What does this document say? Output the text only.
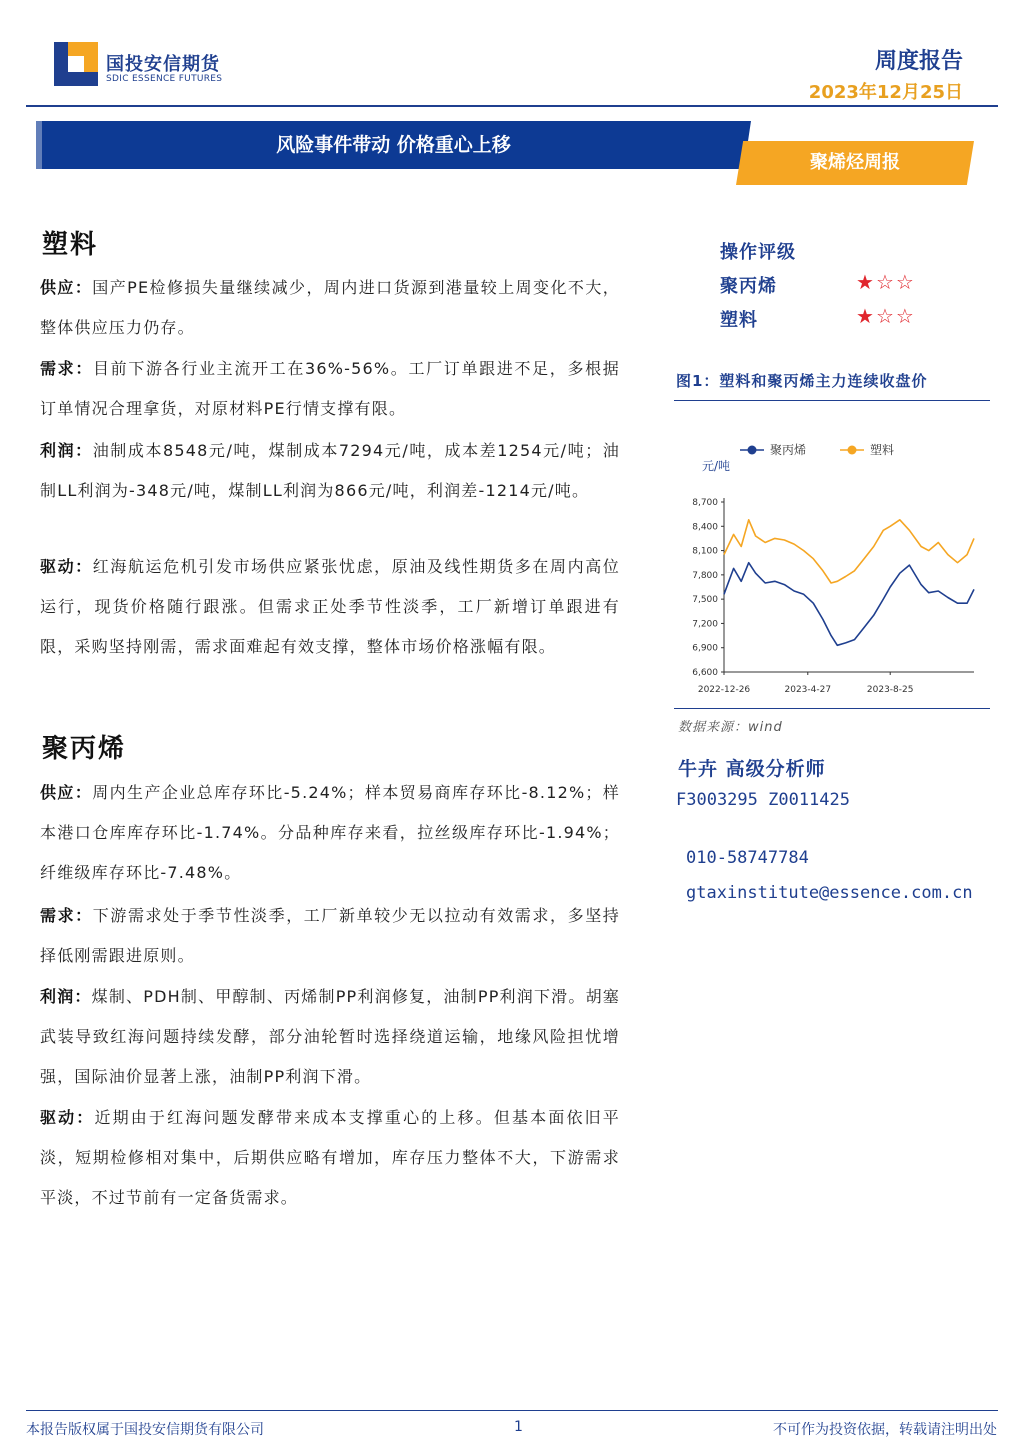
国投安信期货
SDIC ESSENCE FUTURES
周度报告
2023年12月25日
风险事件带动 价格重心上移
聚烯烃周报
塑料
供应：国产PE检修损失量继续减少，周内进口货源到港量较上周变化不大，整体供应压力仍存。
需求：目前下游各行业主流开工在36%-56%。工厂订单跟进不足，多根据订单情况合理拿货，对原材料PE行情支撑有限。
利润：油制成本8548元/吨，煤制成本7294元/吨，成本差1254元/吨；油制LL利润为-348元/吨，煤制LL利润为866元/吨，利润差-1214元/吨。
驱动：红海航运危机引发市场供应紧张忧虑，原油及线性期货多在周内高位运行，现货价格随行跟涨。但需求正处季节性淡季，工厂新增订单跟进有限，采购坚持刚需，需求面难起有效支撑，整体市场价格涨幅有限。
聚丙烯
供应：周内生产企业总库存环比-5.24%；样本贸易商库存环比-8.12%；样本港口仓库库存环比-1.74%。分品种库存来看，拉丝级库存环比-1.94%；纤维级库存环比-7.48%。
需求：下游需求处于季节性淡季，工厂新单较少无以拉动有效需求，多坚持择低刚需跟进原则。
利润：煤制、PDH制、甲醇制、丙烯制PP利润修复，油制PP利润下滑。胡塞武装导致红海问题持续发酵，部分油轮暂时选择绕道运输，地缘风险担忧增强，国际油价显著上涨，油制PP利润下滑。
驱动：近期由于红海问题发酵带来成本支撑重心的上移。但基本面依旧平淡，短期检修相对集中，后期供应略有增加，库存压力整体不大，下游需求平淡，不过节前有一定备货需求。
操作评级
聚丙烯	★☆☆
塑料	★☆☆
图1：塑料和聚丙烯主力连续收盘价
元/吨
6,600
6,900
7,200
7,500
7,800
8,100
8,400
8,700
2022-12-26	2023-4-27	2023-8-25
聚丙烯	塑料
数据来源：wind
牛卉 高级分析师
F3003295 Z0011425
010-58747784
gtaxinstitute@essence.com.cn
本报告版权属于国投安信期货有限公司	1	不可作为投资依据，转载请注明出处
